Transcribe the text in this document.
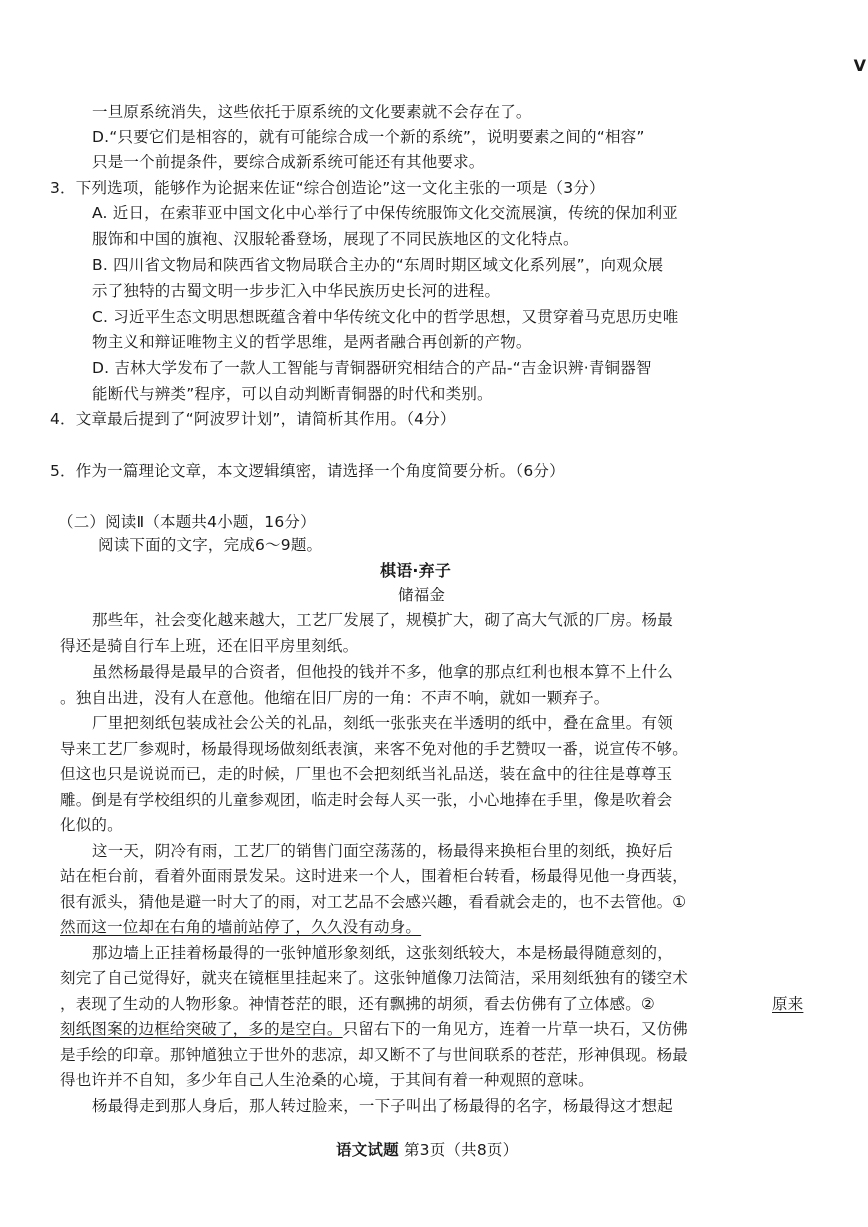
V
一旦原系统消失，这些依托于原系统的文化要素就不会存在了。
D.“只要它们是相容的，就有可能综合成一个新的系统”，说明要素之间的“相容”
只是一个前提条件，要综合成新系统可能还有其他要求。
3．下列选项，能够作为论据来佐证“综合创造论”这一文化主张的一项是（3分）
A. 近日，在索菲亚中国文化中心举行了中保传统服饰文化交流展演，传统的保加利亚
服饰和中国的旗袍、汉服轮番登场，展现了不同民族地区的文化特点。
B. 四川省文物局和陕西省文物局联合主办的“东周时期区域文化系列展”，向观众展
示了独特的古蜀文明一步步汇入中华民族历史长河的进程。
C. 习近平生态文明思想既蕴含着中华传统文化中的哲学思想，又贯穿着马克思历史唯
物主义和辩证唯物主义的哲学思维，是两者融合再创新的产物。
D. 吉林大学发布了一款人工智能与青铜器研究相结合的产品-“吉金识辨·青铜器智
能断代与辨类”程序，可以自动判断青铜器的时代和类别。
4．文章最后提到了“阿波罗计划”，请简析其作用。（4分）
5．作为一篇理论文章，本文逻辑缜密，请选择一个角度简要分析。（6分）
（二）阅读Ⅱ（本题共4小题，16分）
阅读下面的文字，完成6～9题。
棋语·弃子
储福金
那些年，社会变化越来越大，工艺厂发展了，规模扩大，砌了高大气派的厂房。杨最
得还是骑自行车上班，还在旧平房里刻纸。
虽然杨最得是最早的合资者，但他投的钱并不多，他拿的那点红利也根本算不上什么
。独自出进，没有人在意他。他缩在旧厂房的一角：不声不响，就如一颗弃子。
厂里把刻纸包装成社会公关的礼品，刻纸一张张夹在半透明的纸中，叠在盒里。有领
导来工艺厂参观时，杨最得现场做刻纸表演，来客不免对他的手艺赞叹一番，说宣传不够。
但这也只是说说而已，走的时候，厂里也不会把刻纸当礼品送，装在盒中的往往是尊尊玉
雕。倒是有学校组织的儿童参观团，临走时会每人买一张，小心地捧在手里，像是吹着会
化似的。
这一天，阴冷有雨，工艺厂的销售门面空荡荡的，杨最得来换柜台里的刻纸，换好后
站在柜台前，看着外面雨景发呆。这时进来一个人，围着柜台转看，杨最得见他一身西装，
很有派头，猜他是避一时大了的雨，对工艺品不会感兴趣，看看就会走的，也不去管他。①
然而这一位却在右角的墙前站停了，久久没有动身。
那边墙上正挂着杨最得的一张钟馗形象刻纸，这张刻纸较大，本是杨最得随意刻的，
刻完了自己觉得好，就夹在镜框里挂起来了。这张钟馗像刀法简洁，采用刻纸独有的镂空术
，表现了生动的人物形象。神情苍茫的眼，还有飘拂的胡须，看去仿佛有了立体感。②	原来
刻纸图案的边框给突破了，多的是空白。只留右下的一角见方，连着一片草一块石，又仿佛
是手绘的印章。那钟馗独立于世外的悲凉，却又断不了与世间联系的苍茫，形神俱现。杨最
得也许并不自知，多少年自己人生沧桑的心境，于其间有着一种观照的意味。
杨最得走到那人身后，那人转过脸来，一下子叫出了杨最得的名字，杨最得这才想起
语文试题 第3页（共8页）
